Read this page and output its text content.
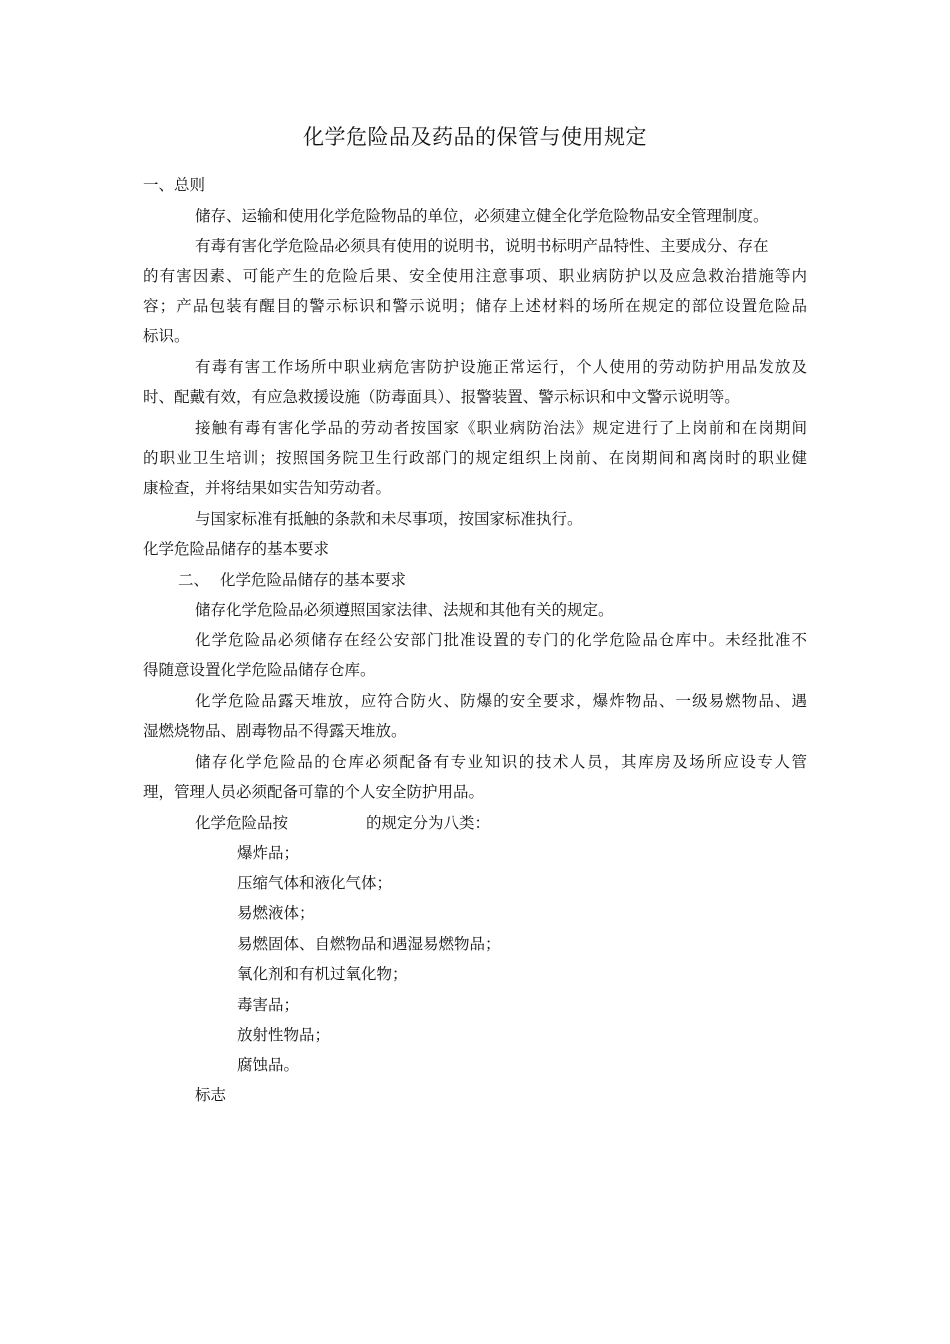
化学危险品及药品的保管与使用规定
一、总则
储存、运输和使用化学危险物品的单位，必须建立健全化学危险物品安全管理制度。
有毒有害化学危险品必须具有使用的说明书，说明书标明产品特性、主要成分、存在
的有害因素、可能产生的危险后果、安全使用注意事项、职业病防护以及应急救治措施等内
容；产品包装有醒目的警示标识和警示说明；储存上述材料的场所在规定的部位设置危险品
标识。
有毒有害工作场所中职业病危害防护设施正常运行，个人使用的劳动防护用品发放及
时、配戴有效，有应急救援设施（防毒面具）、报警装置、警示标识和中文警示说明等。
接触有毒有害化学品的劳动者按国家《职业病防治法》规定进行了上岗前和在岗期间
的职业卫生培训；按照国务院卫生行政部门的规定组织上岗前、在岗期间和离岗时的职业健
康检查，并将结果如实告知劳动者。
与国家标准有抵触的条款和未尽事项，按国家标准执行。
化学危险品储存的基本要求
二、 化学危险品储存的基本要求
储存化学危险品必须遵照国家法律、法规和其他有关的规定。
化学危险品必须储存在经公安部门批准设置的专门的化学危险品仓库中。未经批准不
得随意设置化学危险品储存仓库。
化学危险品露天堆放，应符合防火、防爆的安全要求，爆炸物品、一级易燃物品、遇
湿燃烧物品、剧毒物品不得露天堆放。
储存化学危险品的仓库必须配备有专业知识的技术人员，其库房及场所应设专人管
理，管理人员必须配备可靠的个人安全防护用品。
化学危险品按	的规定分为八类：
爆炸品；
压缩气体和液化气体；
易燃液体；
易燃固体、自燃物品和遇湿易燃物品；
氧化剂和有机过氧化物；
毒害品；
放射性物品；
腐蚀品。
标志
